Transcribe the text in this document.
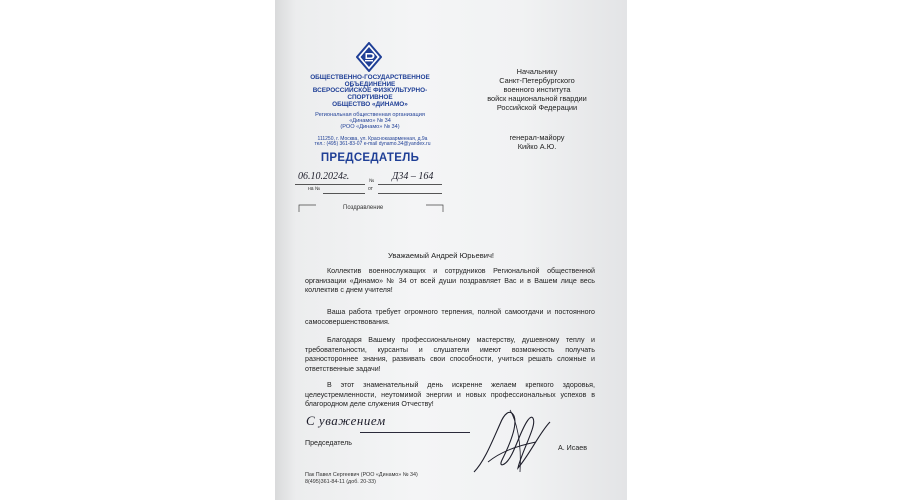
ОБЩЕСТВЕННО-ГОСУДАРСТВЕННОЕ
ОБЪЕДИНЕНИЕ
ВСЕРОССИЙСКОЕ ФИЗКУЛЬТУРНО-
СПОРТИВНОЕ
ОБЩЕСТВО «ДИНАМО»
Региональная общественная организация
«Динамо» № 34
(РОО «Динамо» № 34)
111250, г. Москва, ул. Красноказарменная, д.9а
тел.: (495) 361-83-07 e-mail dynamo.34@yandex.ru
ПРЕДСЕДАТЕЛЬ
Начальнику
Санкт-Петербургского
военного института
войск национальной гвардии
Российской Федерации
генерал-майору
Кийко А.Ю.
06.10.2024г.	№ Д34 – 164
на №	от
Поздравление
Уважаемый Андрей Юрьевич!
Коллектив военнослужащих и сотрудников Региональной общественной организации «Динамо» № 34 от всей души поздравляет Вас и в Вашем лице весь коллектив с днем учителя!
Ваша работа требует огромного терпения, полной самоотдачи и постоянного самосовершенствования.
Благодаря Вашему профессиональному мастерству, душевному теплу и требовательности, курсанты и слушатели имеют возможность получать разностороннее знания, развивать свои способности, учиться решать сложные и ответственные задачи!
В этот знаменательный день искренне желаем крепкого здоровья, целеустремленности, неутомимой энергии и новых профессиональных успехов в благородном деле служения Отчеству!
С уважением
Председатель
А. Исаев
Пак Павел Сергеевич (РОО «Динамо» № 34)
8(495)361-84-11 (доб. 20-33)
